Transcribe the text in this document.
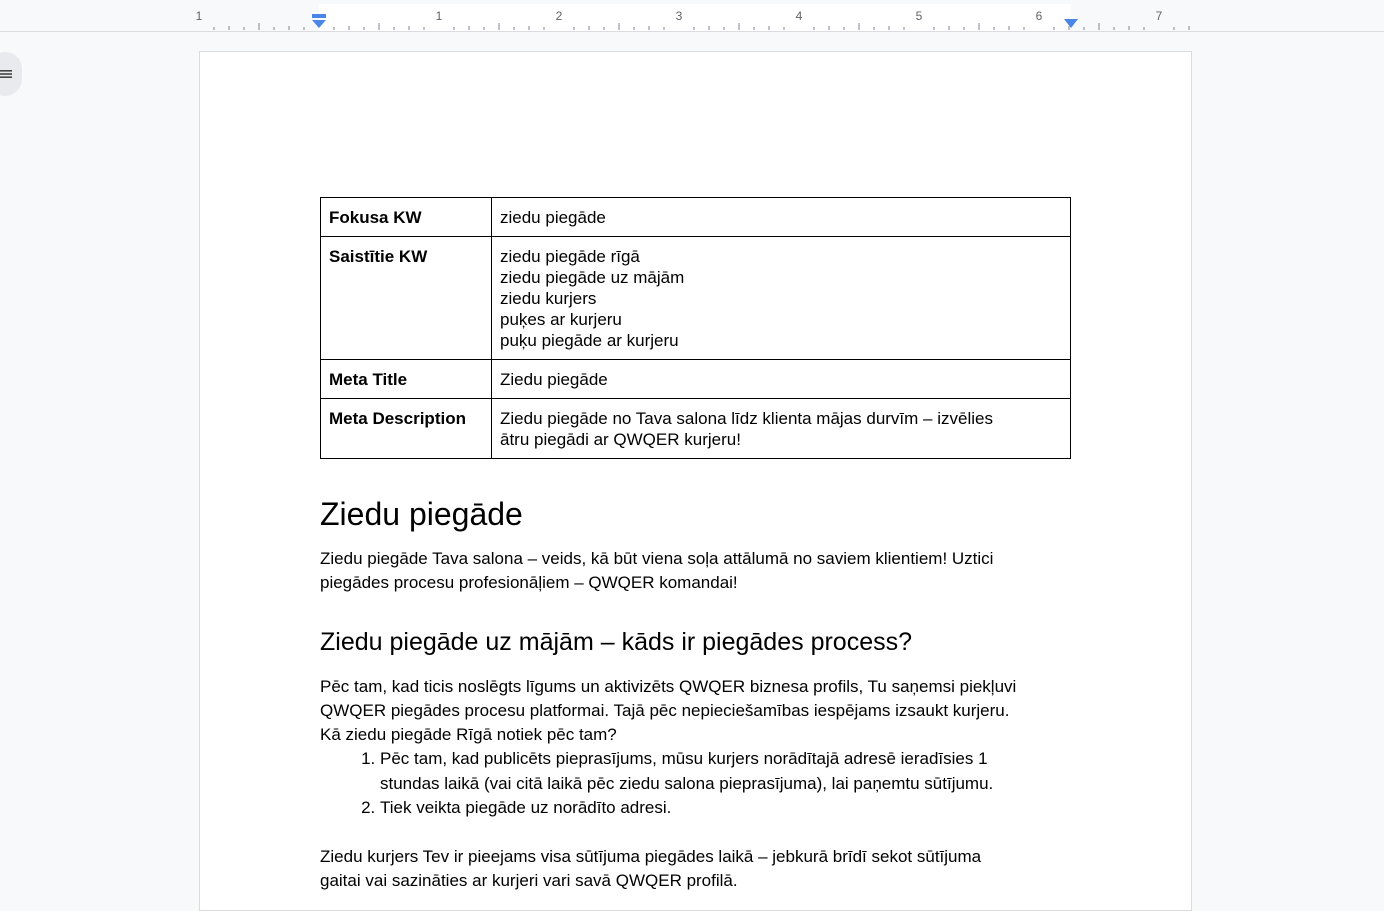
1	1	2	3	4	5	6	7
Fokusa KW	ziedu piegāde

Saistītie KW	ziedu piegāde rīgā
ziedu piegāde uz mājām
ziedu kurjers
puķes ar kurjeru
puķu piegāde ar kurjeru

Meta Title	Ziedu piegāde

Meta Description	Ziedu piegāde no Tava salona līdz klienta mājas durvīm – izvēlies
ātru piegādi ar QWQER kurjeru!
Ziedu piegāde

Ziedu piegāde Tava salona – veids, kā būt viena soļa attālumā no saviem klientiem! Uztici
piegādes procesu profesionāļiem – QWQER komandai!

Ziedu piegāde uz mājām – kāds ir piegādes process?

Pēc tam, kad ticis noslēgts līgums un aktivizēts QWQER biznesa profils, Tu saņemsi piekļuvi
QWQER piegādes procesu platformai. Tajā pēc nepieciešamības iespējams izsaukt kurjeru.
Kā ziedu piegāde Rīgā notiek pēc tam?

1. Pēc tam, kad publicēts pieprasījums, mūsu kurjers norādītajā adresē ieradīsies 1
stundas laikā (vai citā laikā pēc ziedu salona pieprasījuma), lai paņemtu sūtījumu.
2. Tiek veikta piegāde uz norādīto adresi.

Ziedu kurjers Tev ir pieejams visa sūtījuma piegādes laikā – jebkurā brīdī sekot sūtījuma
gaitai vai sazināties ar kurjeri vari savā QWQER profilā.
